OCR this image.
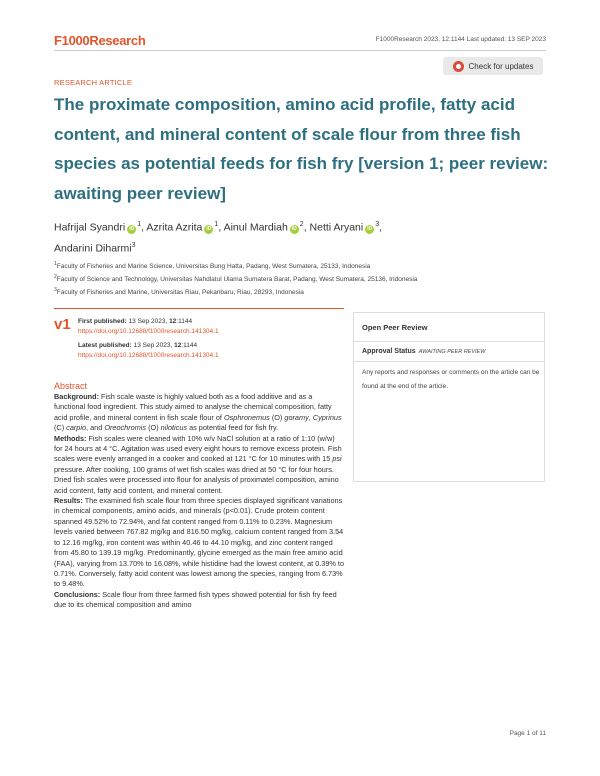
F1000Research	F1000Research 2023, 12:1144 Last updated: 13 SEP 2023
Check for updates
RESEARCH ARTICLE
The proximate composition, amino acid profile, fatty acid content, and mineral content of scale flour from three fish species as potential feeds for fish fry [version 1; peer review: awaiting peer review]
Hafrijal Syandri $iD^1$, Azrita Azrita $iD^1$, Ainul Mardiah $iD^2$, Netti Aryani $iD^3$,
Andarini Diharmi$^3$
$^1$Faculty of Fisheries and Marine Science, Universitas Bung Hatta, Padang, West Sumatera, 25133, Indonesia
$^2$Faculty of Science and Technology, Universitas Nahdlatul Ulama Sumatera Barat, Padang, West Sumatera, 25136, Indonesia
$^3$Faculty of Fisheries and Marine, Universitas Riau, Pekanbaru, Riau, 28293, Indonesia
v1 First published: 13 Sep 2023, 12:1144
https://doi.org/10.12688/f1000research.141304.1
Latest published: 13 Sep 2023, 12:1144
https://doi.org/10.12688/f1000research.141304.1
Open Peer Review
Approval Status AWAITING PEER REVIEW
Any reports and responses or comments on the article can be found at the end of the article.
Abstract

Background: Fish scale waste is highly valued both as a food additive and as a functional food ingredient. This study aimed to analyse the chemical composition, fatty acid profile, and mineral content in fish scale flour of Osphronemus (O) goramy, Cyprinus (C) carpio, and Oreochromis (O) niloticus as potential feed for fish fry.

Methods: Fish scales were cleaned with 10% w/v NaCl solution at a ratio of 1:10 (w/w) for 24 hours at 4 °C. Agitation was used every eight hours to remove excess protein. Fish scales were evenly arranged in a cooker and cooked at 121 °C for 10 minutes with 15 psi pressure. After cooking, 100 grams of wet fish scales was dried at 50 °C for four hours. Dried fish scales were processed into flour for analysis of proximatel composition, amino acid content, fatty acid content, and mineral content.

Results: The examined fish scale flour from three species displayed significant variations in chemical components, amino acids, and minerals (p<0.01). Crude protein content spanned 49.52% to 72.94%, and fat content ranged from 0.11% to 0.23%. Magnesium levels varied between 767.82 mg/kg and 816.50 mg/kg, calcium content ranged from 3.54 to 12.16 mg/kg, iron content was within 40.46 to 44.10 mg/kg, and zinc content ranged from 45.80 to 139.19 mg/kg. Predominantly, glycine emerged as the main free amino acid (FAA), varying from 13.70% to 16.08%, while histidine had the lowest content, at 0.39% to 0.71%. Conversely, fatty acid content was lowest among the species, ranging from 6.73% to 9.48%.

Conclusions: Scale flour from three farmed fish types showed potential for fish fry feed due to its chemical composition and amino

Page 1 of 11
